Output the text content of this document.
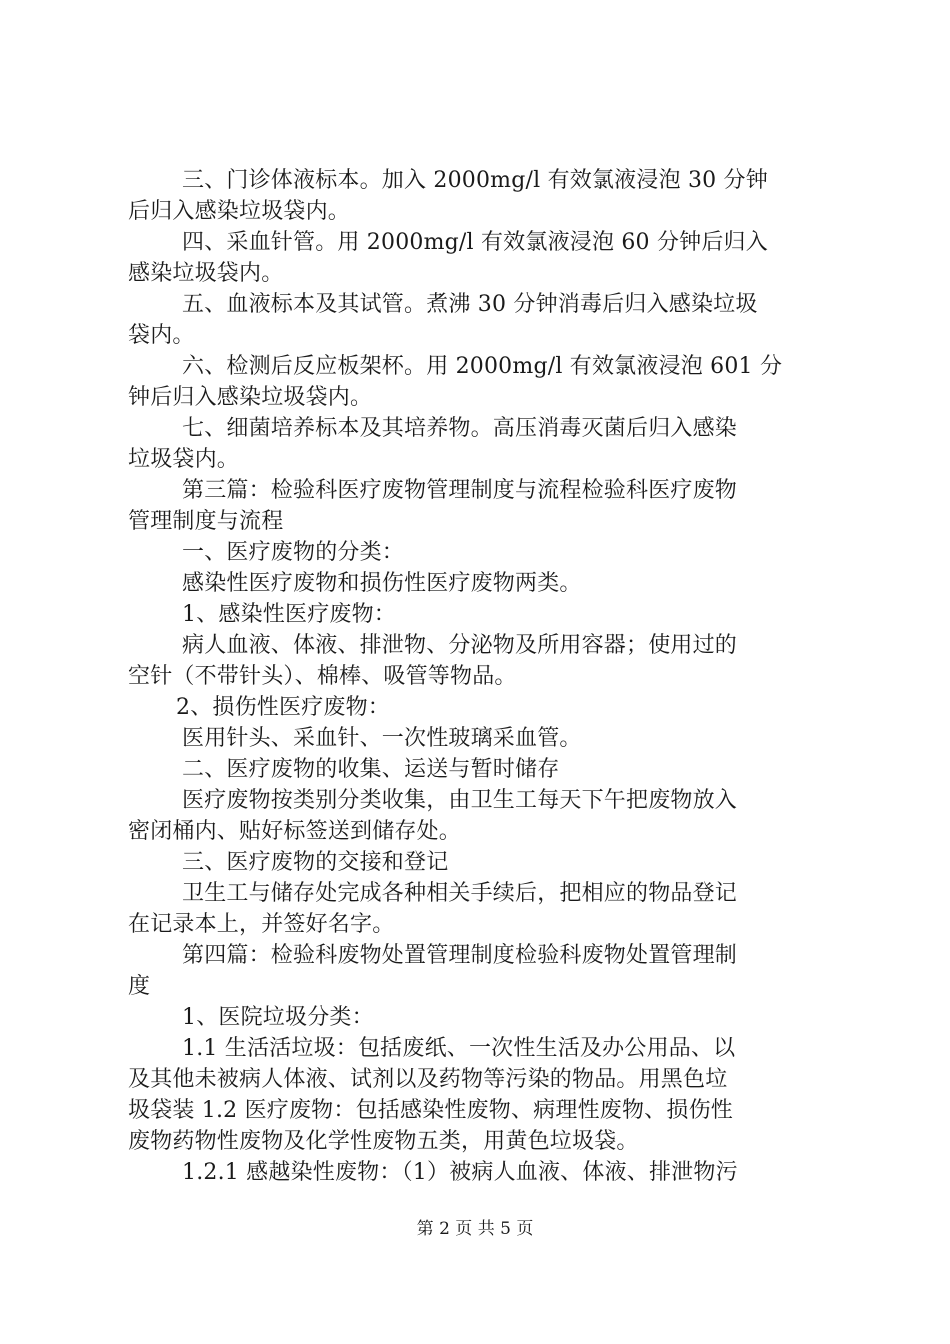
三、门诊体液标本。加入 2000mg/l 有效氯液浸泡 30 分钟
后归入感染垃圾袋内。
四、采血针管。用 2000mg/l 有效氯液浸泡 60 分钟后归入
感染垃圾袋内。
五、血液标本及其试管。煮沸 30 分钟消毒后归入感染垃圾
袋内。
六、检测后反应板架杯。用 2000mg/l 有效氯液浸泡 601 分
钟后归入感染垃圾袋内。
七、细菌培养标本及其培养物。高压消毒灭菌后归入感染
垃圾袋内。
第三篇：检验科医疗废物管理制度与流程检验科医疗废物
管理制度与流程
一、医疗废物的分类：
感染性医疗废物和损伤性医疗废物两类。
1、感染性医疗废物：
病人血液、体液、排泄物、分泌物及所用容器；使用过的
空针（不带针头）、棉棒、吸管等物品。
2、损伤性医疗废物：
医用针头、采血针、一次性玻璃采血管。
二、医疗废物的收集、运送与暂时储存
医疗废物按类别分类收集，由卫生工每天下午把废物放入
密闭桶内、贴好标签送到储存处。
三、医疗废物的交接和登记
卫生工与储存处完成各种相关手续后，把相应的物品登记
在记录本上，并签好名字。
第四篇：检验科废物处置管理制度检验科废物处置管理制
度
1、医院垃圾分类：
1.1 生活活垃圾：包括废纸、一次性生活及办公用品、以
及其他未被病人体液、试剂以及药物等污染的物品。用黑色垃
圾袋装 1.2 医疗废物：包括感染性废物、病理性废物、损伤性
废物药物性废物及化学性废物五类，用黄色垃圾袋。
1.2.1 感越染性废物：（1）被病人血液、体液、排泄物污
第 2 页 共 5 页
